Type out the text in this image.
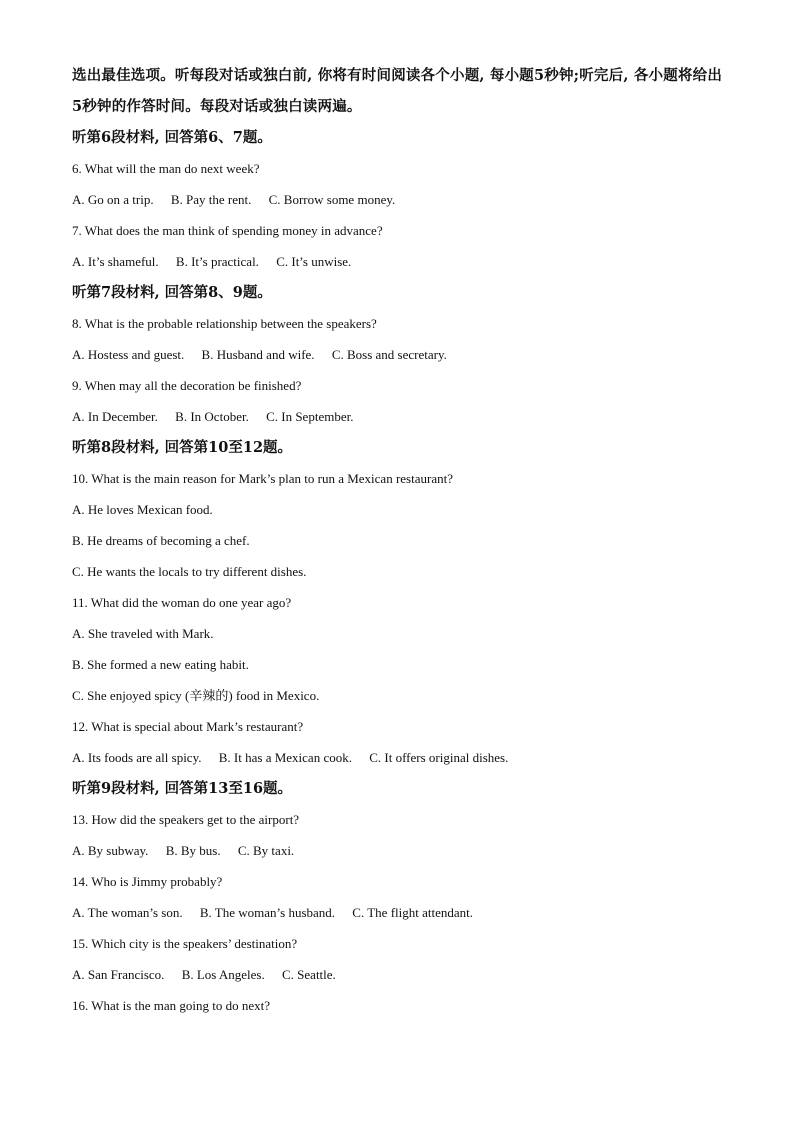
选出最佳选项。听每段对话或独白前, 你将有时间阅读各个小题, 每小题5秒钟;听完后, 各小题将给出5秒钟的作答时间。每段对话或独白读两遍。

听第6段材料, 回答第6、7题。

6. What will the man do next week?

A. Go on a trip. B. Pay the rent. C. Borrow some money.

7. What does the man think of spending money in advance?

A. It’s shameful. B. It’s practical. C. It’s unwise.

听第7段材料, 回答第8、9题。

8. What is the probable relationship between the speakers?

A. Hostess and guest. B. Husband and wife. C. Boss and secretary.

9. When may all the decoration be finished?

A. In December. B. In October. C. In September.

听第8段材料, 回答第10至12题。

10. What is the main reason for Mark’s plan to run a Mexican restaurant?

A. He loves Mexican food.

B. He dreams of becoming a chef.

C. He wants the locals to try different dishes.

11. What did the woman do one year ago?

A. She traveled with Mark.

B. She formed a new eating habit.

C. She enjoyed spicy (辛辣的) food in Mexico.

12. What is special about Mark’s restaurant?

A. Its foods are all spicy. B. It has a Mexican cook. C. It offers original dishes.

听第9段材料, 回答第13至16题。

13. How did the speakers get to the airport?

A. By subway. B. By bus. C. By taxi.

14. Who is Jimmy probably?

A. The woman’s son. B. The woman’s husband. C. The flight attendant.

15. Which city is the speakers’ destination?

A. San Francisco. B. Los Angeles. C. Seattle.

16. What is the man going to do next?
